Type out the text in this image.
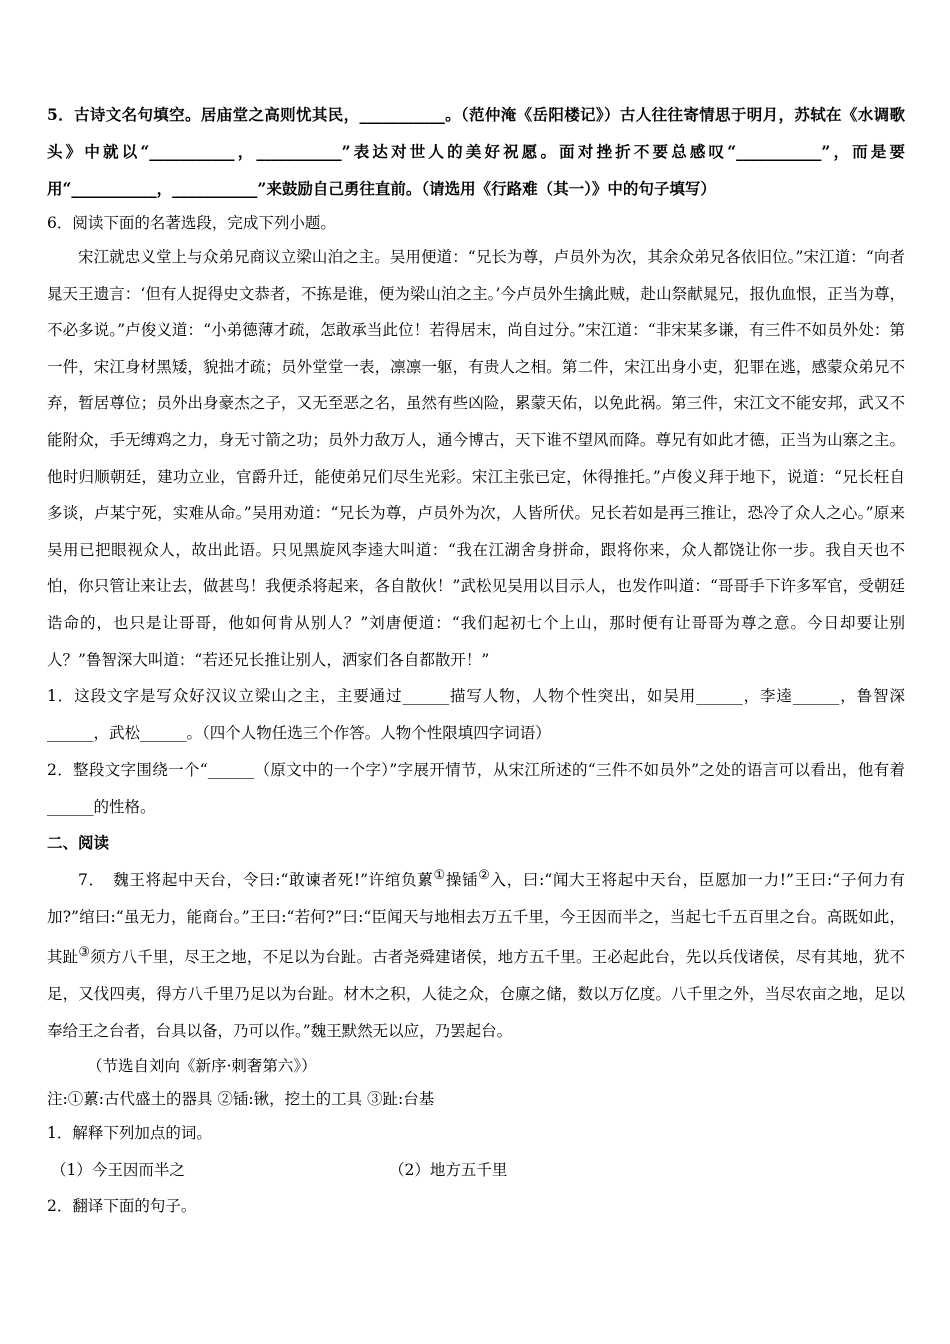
5．古诗文名句填空。居庙堂之高则忧其民，___________。（范仲淹《岳阳楼记》）古人往往寄情思于明月，苏轼在《水调歌头》中就以“___________，___________”表达对世人的美好祝愿。面对挫折不要总感叹“___________”，而是要用“___________，___________”来鼓励自己勇往直前。（请选用《行路难（其一）》中的句子填写）

6．阅读下面的名著选段，完成下列小题。

宋江就忠义堂上与众弟兄商议立梁山泊之主。吴用便道：“兄长为尊，卢员外为次，其余众弟兄各依旧位。”宋江道：“向者晁天王遗言：‘但有人捉得史文恭者，不拣是谁，便为梁山泊之主。’今卢员外生擒此贼，赴山祭献晁兄，报仇血恨，正当为尊，不必多说。”卢俊义道：“小弟德薄才疏，怎敢承当此位！若得居末，尚自过分。”宋江道：“非宋某多谦，有三件不如员外处：第一件，宋江身材黑矮，貌拙才疏；员外堂堂一表，凛凛一躯，有贵人之相。第二件，宋江出身小吏，犯罪在逃，感蒙众弟兄不弃，暂居尊位；员外出身豪杰之子，又无至恶之名，虽然有些凶险，累蒙天佑，以免此祸。第三件，宋江文不能安邦，武又不能附众，手无缚鸡之力，身无寸箭之功；员外力敌万人，通今博古，天下谁不望风而降。尊兄有如此才德，正当为山寨之主。他时归顺朝廷，建功立业，官爵升迁，能使弟兄们尽生光彩。宋江主张已定，休得推托。”卢俊义拜于地下，说道：“兄长枉自多谈，卢某宁死，实难从命。”吴用劝道：“兄长为尊，卢员外为次，人皆所伏。兄长若如是再三推让，恐冷了众人之心。”原来吴用已把眼视众人，故出此语。只见黑旋风李逵大叫道：“我在江湖舍身拼命，跟将你来，众人都饶让你一步。我自天也不怕，你只管让来让去，做甚鸟！我便杀将起来，各自散伙！”武松见吴用以目示人，也发作叫道：“哥哥手下许多军官，受朝廷诰命的，也只是让哥哥，他如何肯从别人？”刘唐便道：“我们起初七个上山，那时便有让哥哥为尊之意。今日却要让别人？”鲁智深大叫道：“若还兄长推让别人，洒家们各自都散开！”

1．这段文字是写众好汉议立梁山之主，主要通过______描写人物，人物个性突出，如吴用______，李逵______，鲁智深______，武松______。（四个人物任选三个作答。人物个性限填四字词语）

2．整段文字围绕一个“______（原文中的一个字）”字展开情节，从宋江所述的“三件不如员外”之处的语言可以看出，他有着______的性格。

二、阅读

7．　魏王将起中天台，令曰:“敢谏者死!”许绾负蔂①操锸②入，曰:“闻大王将起中天台，臣愿加一力!”王曰:“子何力有加?”绾曰:“虽无力，能商台。”王曰:“若何?”曰:“臣闻天与地相去万五千里，今王因而半之，当起七千五百里之台。高既如此，其趾③须方八千里，尽王之地，不足以为台趾。古者尧舜建诸侯，地方五千里。王必起此台，先以兵伐诸侯，尽有其地，犹不足，又伐四夷，得方八千里乃足以为台趾。材木之积，人徒之众，仓廪之储，数以万亿度。八千里之外，当尽农亩之地，足以奉给王之台者，台具以备，乃可以作。”魏王默然无以应，乃罢起台。

（节选自刘向《新序·刺奢第六》）

注:①蔂:古代盛土的器具 ②锸:锹，挖土的工具 ③趾:台基

1．解释下列加点的词。

（1）今王因而半之	（2）地方五千里

2．翻译下面的句子。
